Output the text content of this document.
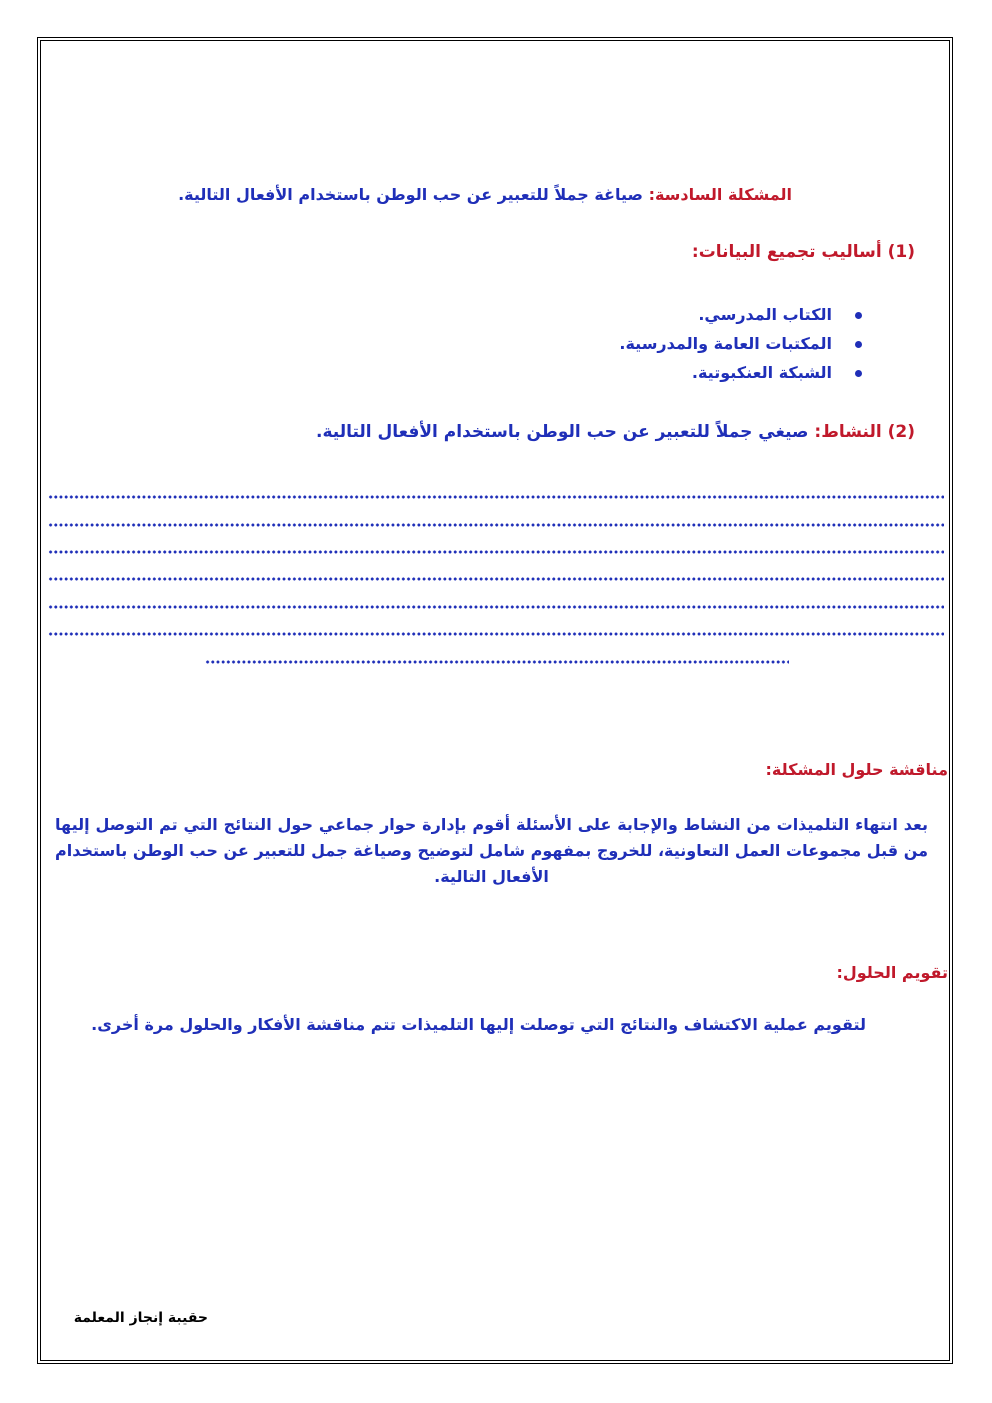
المشكلة السادسة: صياغة جملاً للتعبير عن حب الوطن باستخدام الأفعال التالية.
(1) أساليب تجميع البيانات:
الكتاب المدرسي.
المكتبات العامة والمدرسية.
الشبكة العنكبوتية.
(2) النشاط: صيغي جملاً للتعبير عن حب الوطن باستخدام الأفعال التالية.
مناقشة حلول المشكلة:
بعد انتهاء التلميذات من النشاط والإجابة على الأسئلة أقوم بإدارة حوار جماعي حول النتائج التي تم التوصل إليها من قبل مجموعات العمل التعاونية، للخروج بمفهوم شامل لتوضيح وصياغة جمل للتعبير عن حب الوطن باستخدام الأفعال التالية.
تقويم الحلول:
لتقويم عملية الاكتشاف والنتائج التي توصلت إليها التلميذات تتم مناقشة الأفكار والحلول مرة أخرى.
حقيبة إنجاز المعلمة
